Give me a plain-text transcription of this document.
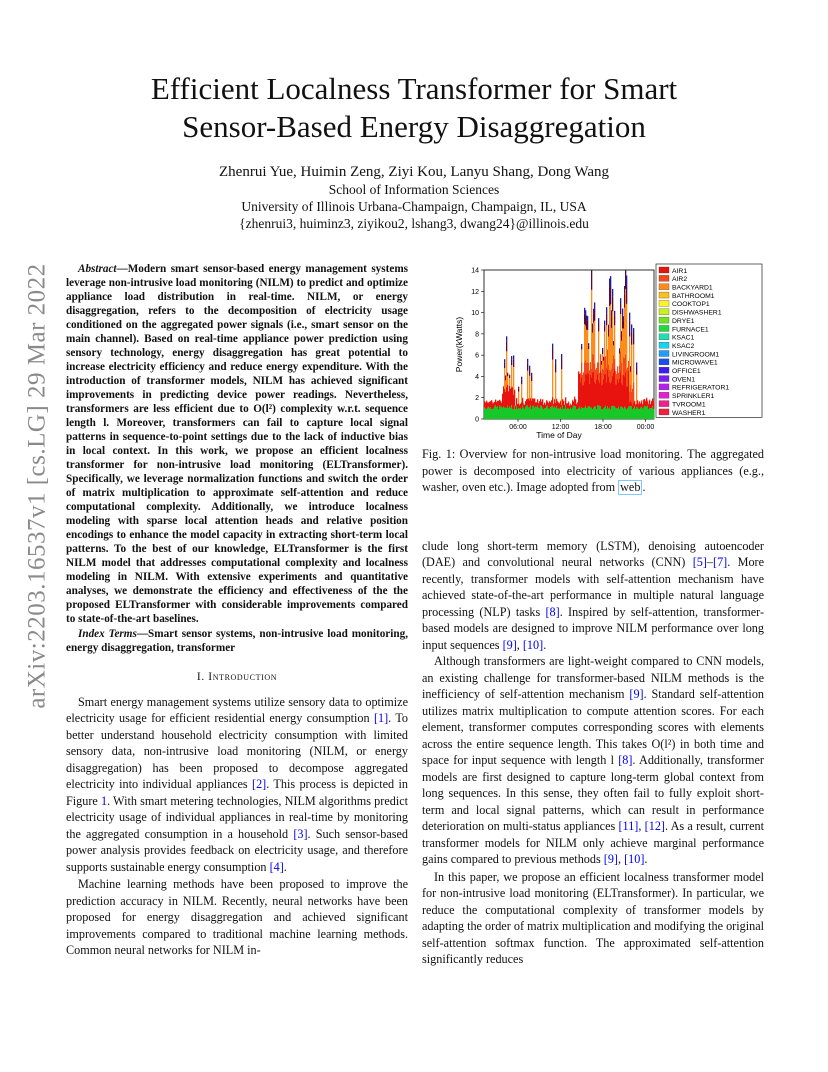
arXiv:2203.16537v1 [cs.LG] 29 Mar 2022
Efficient Localness Transformer for Smart
Sensor-Based Energy Disaggregation
Zhenrui Yue, Huimin Zeng, Ziyi Kou, Lanyu Shang, Dong Wang
School of Information Sciences
University of Illinois Urbana-Champaign, Champaign, IL, USA
{zhenrui3, huiminz3, ziyikou2, lshang3, dwang24}@illinois.edu

Abstract—Modern smart sensor-based energy management systems leverage non-intrusive load monitoring (NILM) to predict and optimize appliance load distribution in real-time. NILM, or energy disaggregation, refers to the decomposition of electricity usage conditioned on the aggregated power signals (i.e., smart sensor on the main channel). Based on real-time appliance power prediction using sensory technology, energy disaggregation has great potential to increase electricity efficiency and reduce energy expenditure. With the introduction of transformer models, NILM has achieved significant improvements in predicting device power readings. Nevertheless, transformers are less efficient due to O(l²) complexity w.r.t. sequence length l. Moreover, transformers can fail to capture local signal patterns in sequence-to-point settings due to the lack of inductive bias in local context. In this work, we propose an efficient localness transformer for non-intrusive load monitoring (ELTransformer). Specifically, we leverage normalization functions and switch the order of matrix multiplication to approximate self-attention and reduce computational complexity. Additionally, we introduce localness modeling with sparse local attention heads and relative position encodings to enhance the model capacity in extracting short-term local patterns. To the best of our knowledge, ELTransformer is the first NILM model that addresses computational complexity and localness modeling in NILM. With extensive experiments and quantitative analyses, we demonstrate the efficiency and effectiveness of the the proposed ELTransformer with considerable improvements compared to state-of-the-art baselines.

Index Terms—Smart sensor systems, non-intrusive load monitoring, energy disaggregation, transformer

I. Introduction

Smart energy management systems utilize sensory data to optimize electricity usage for efficient residential energy consumption [1]. To better understand household electricity consumption with limited sensory data, non-intrusive load monitoring (NILM, or energy disaggregation) has been proposed to decompose aggregated electricity into individual appliances [2]. This process is depicted in Figure 1. With smart metering technologies, NILM algorithms predict electricity usage of individual appliances in real-time by monitoring the aggregated consumption in a household [3]. Such sensor-based power analysis provides feedback on electricity usage, and therefore supports sustainable energy consumption [4].

Machine learning methods have been proposed to improve the prediction accuracy in NILM. Recently, neural networks have been proposed for energy disaggregation and achieved significant improvements compared to traditional machine learning methods. Common neural networks for NILM in-

14
12
10
8
6
4
2
0
06:00	12:00	18:00	00:00
Time of Day
Power(kWatts)
AIR1
AIR2
BACKYARD1
BATHROOM1
COOKTOP1
DISHWASHER1
DRYE1
FURNACE1
KSAC1
KSAC2
LIVINGROOM1
MICROWAVE1
OFFICE1
OVEN1
REFRIGERATOR1
SPRINKLER1
TVROOM1
WASHER1

Fig. 1: Overview for non-intrusive load monitoring. The aggregated power is decomposed into electricity of various appliances (e.g., washer, oven etc.). Image adopted from web .

clude long short-term memory (LSTM), denoising autoencoder (DAE) and convolutional neural networks (CNN) [5]–[7]. More recently, transformer models with self-attention mechanism have achieved state-of-the-art performance in multiple natural language processing (NLP) tasks [8]. Inspired by self-attention, transformer-based models are designed to improve NILM performance over long input sequences [9], [10].

Although transformers are light-weight compared to CNN models, an existing challenge for transformer-based NILM methods is the inefficiency of self-attention mechanism [9]. Standard self-attention utilizes matrix multiplication to compute attention scores. For each element, transformer computes corresponding scores with elements across the entire sequence length. This takes O(l²) in both time and space for input sequence with length l [8]. Additionally, transformer models are first designed to capture long-term global context from long sequences. In this sense, they often fail to fully exploit short-term and local signal patterns, which can result in performance deterioration on multi-status appliances [11], [12]. As a result, current transformer models for NILM only achieve marginal performance gains compared to previous methods [9], [10].

In this paper, we propose an efficient localness transformer model for non-intrusive load monitoring (ELTransformer). In particular, we reduce the computational complexity of transformer models by adapting the order of matrix multiplication and modifying the original self-attention softmax function. The approximated self-attention significantly reduces
